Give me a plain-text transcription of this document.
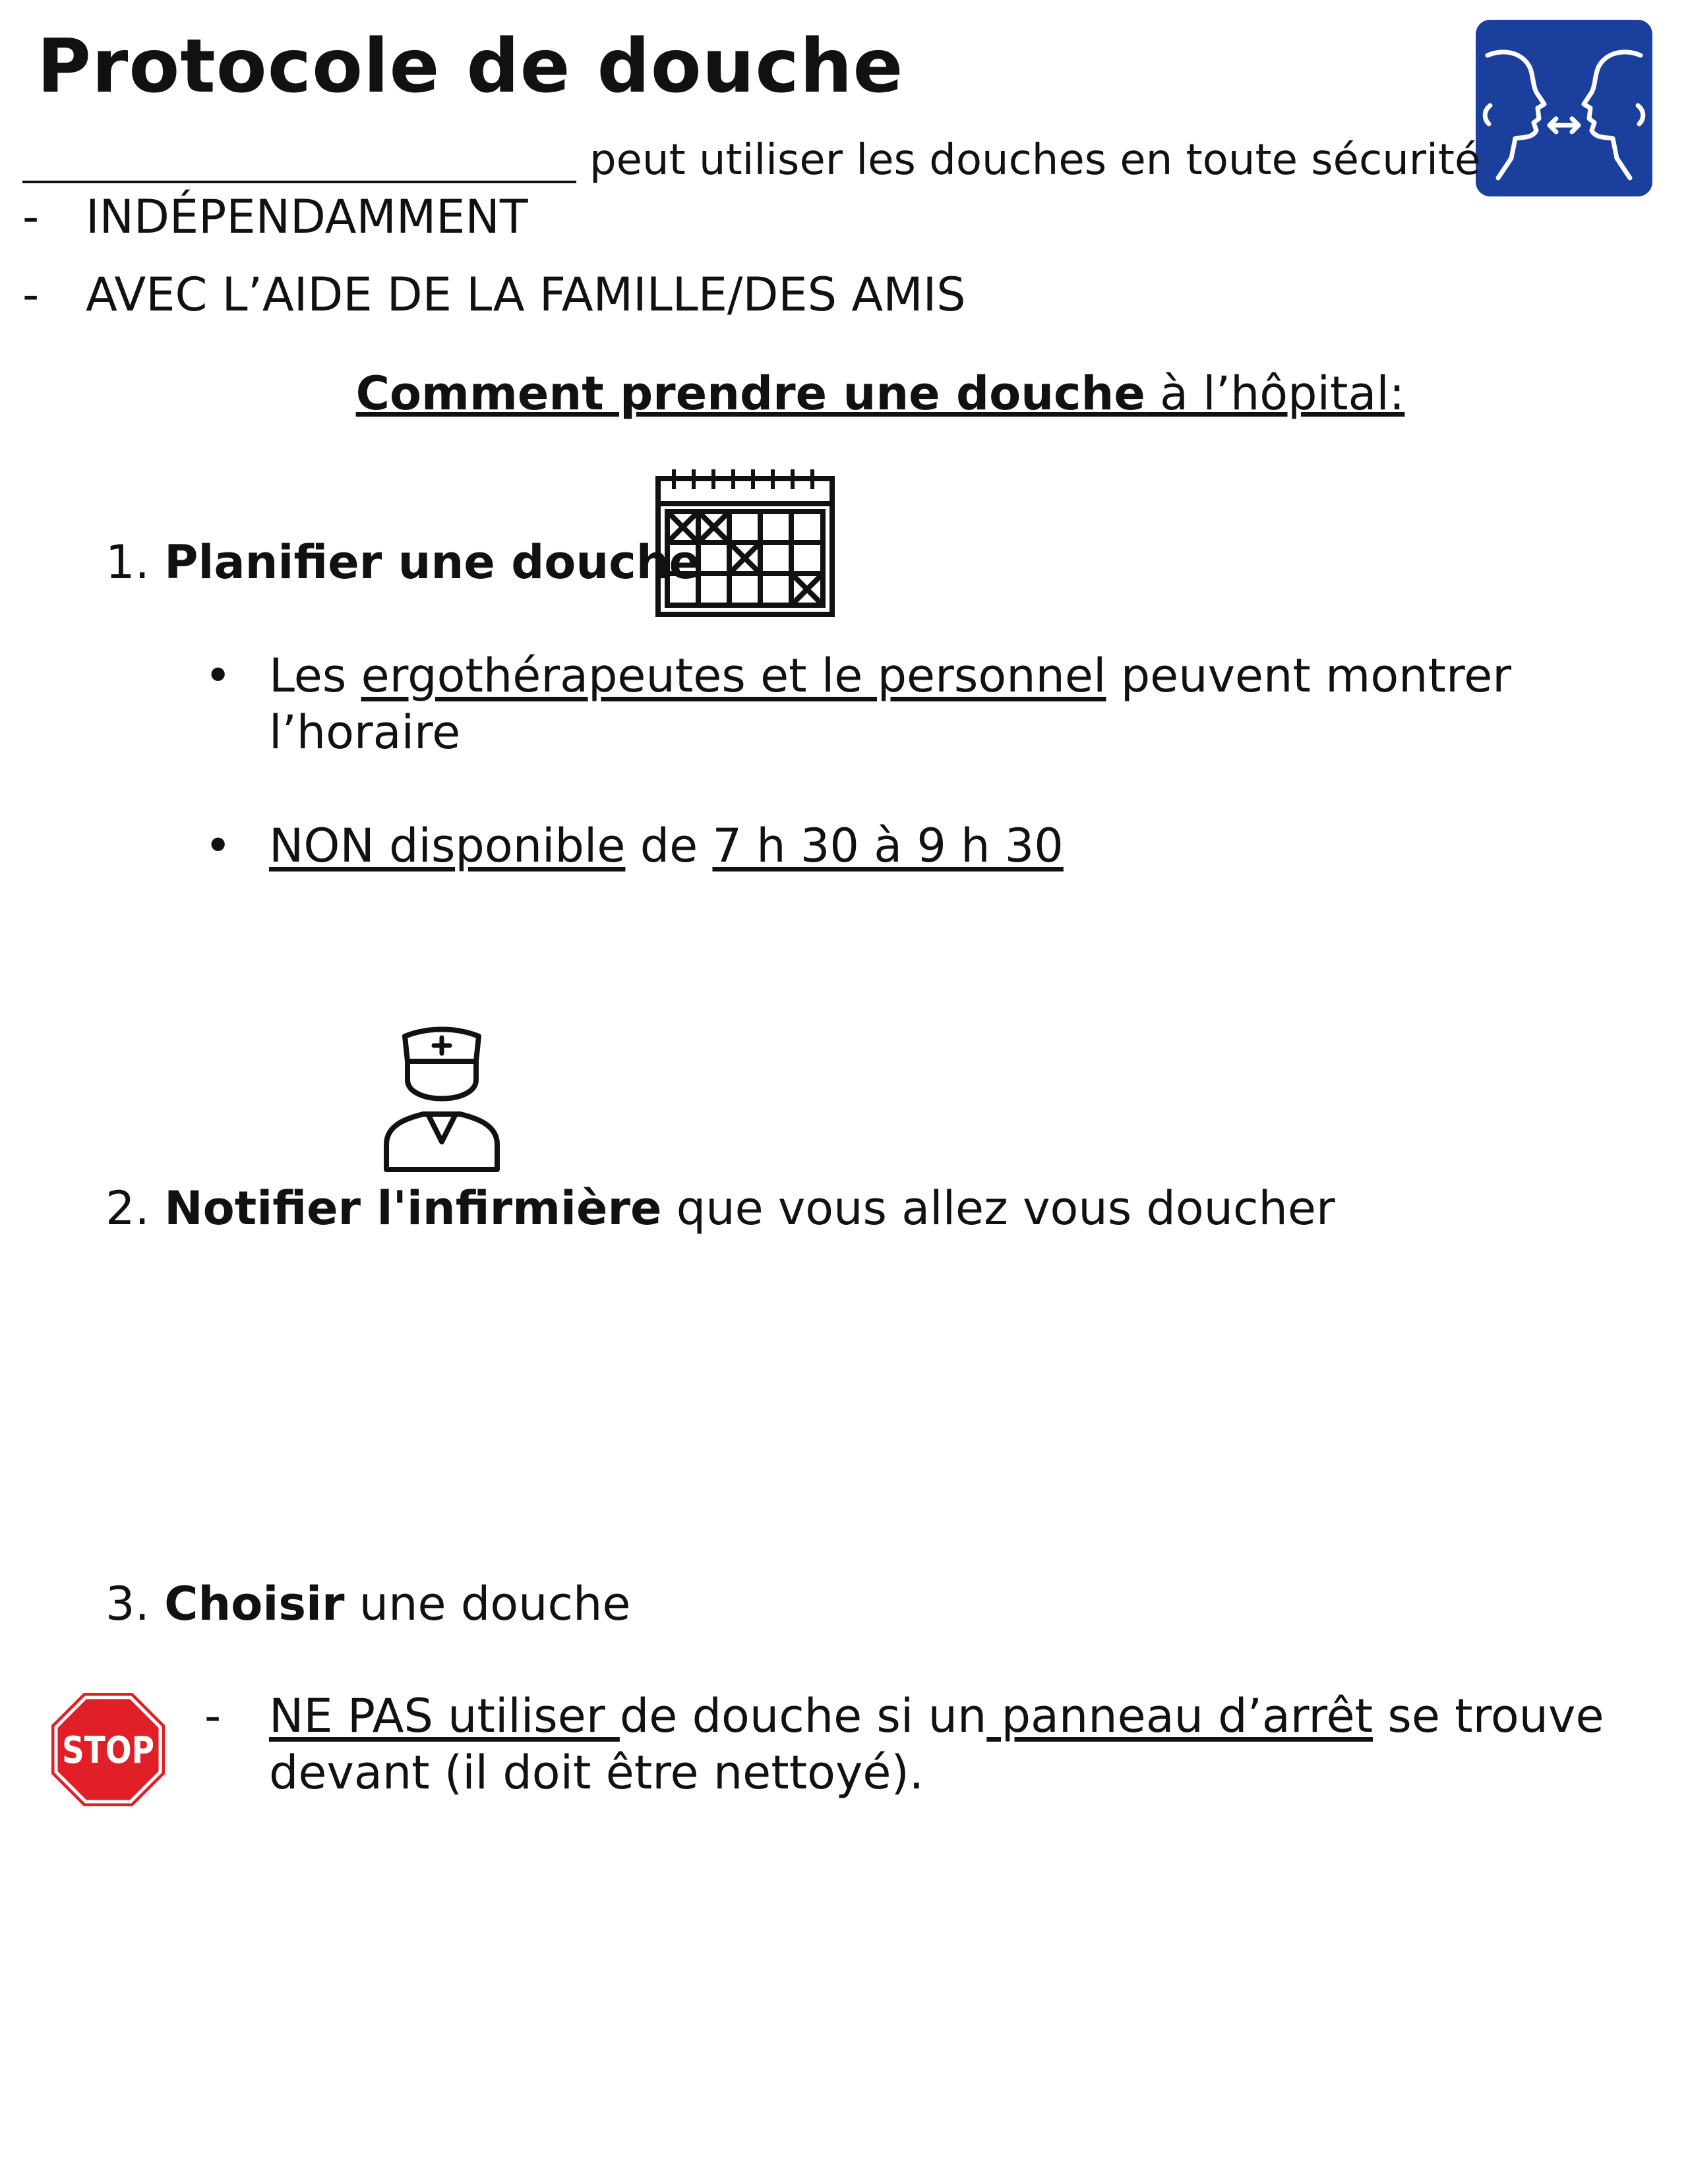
Protocole de douche
peut utiliser les douches en toute sécurité
- INDÉPENDAMMENT
- AVEC L’AIDE DE LA FAMILLE/DES AMIS
Comment prendre une douche à l’hôpital:
1. Planifier une douche
• Les ergothérapeutes et le personnel peuvent montrer l’horaire
• NON disponible de 7 h 30 à 9 h 30
2. Notifier l'infirmière que vous allez vous doucher
3. Choisir une douche
STOP
- NE PAS utiliser de douche si un panneau d’arrêt se trouve devant (il doit être nettoyé).
